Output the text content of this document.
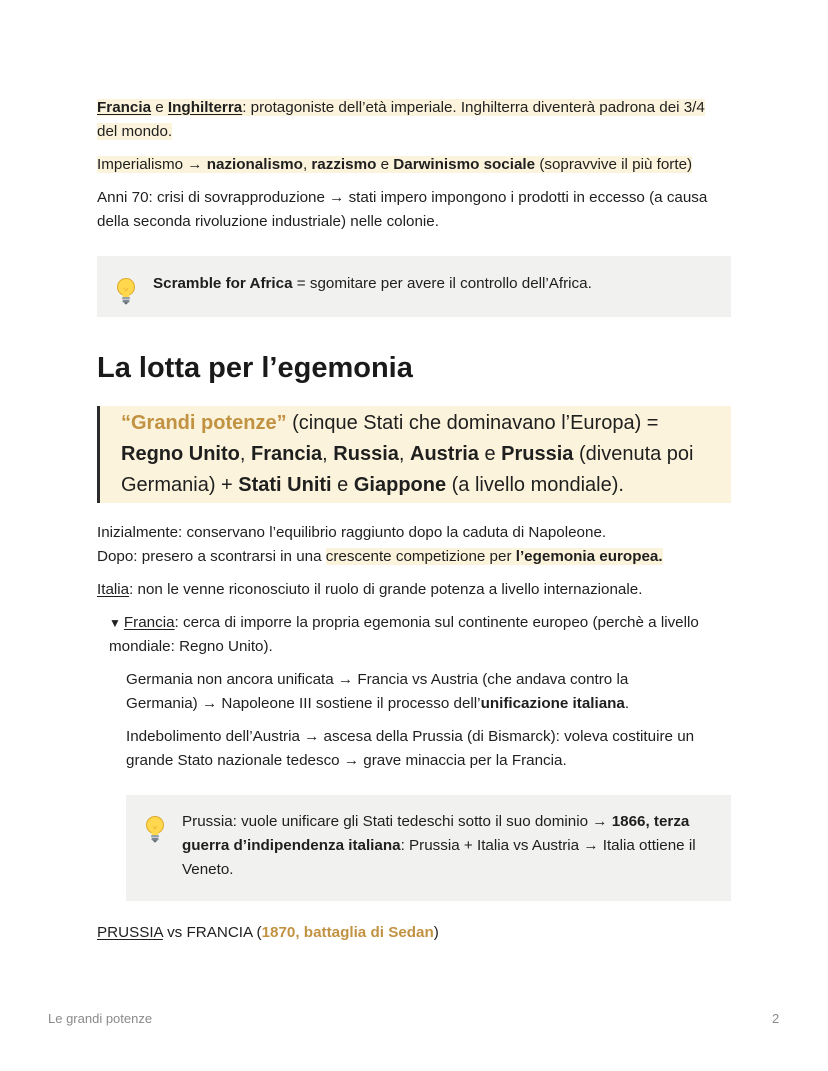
Francia e Inghilterra: protagoniste dell’età imperiale. Inghilterra diventerà padrona dei 3/4 del mondo.

Imperialismo → nazionalismo, razzismo e Darwinismo sociale (sopravvive il più forte)

Anni 70: crisi di sovrapproduzione → stati impero impongono i prodotti in eccesso (a causa della seconda rivoluzione industriale) nelle colonie.

Scramble for Africa = sgomitare per avere il controllo dell’Africa.

La lotta per l’egemonia

“Grandi potenze” (cinque Stati che dominavano l’Europa) = Regno Unito, Francia, Russia, Austria e Prussia (divenuta poi Germania) + Stati Uniti e Giappone (a livello mondiale).

Inizialmente: conservano l’equilibrio raggiunto dopo la caduta di Napoleone.
Dopo: presero a scontrarsi in una crescente competizione per l’egemonia europea.

Italia: non le venne riconosciuto il ruolo di grande potenza a livello internazionale.

▼ Francia: cerca di imporre la propria egemonia sul continente europeo (perchè a livello mondiale: Regno Unito).

Germania non ancora unificata → Francia vs Austria (che andava contro la Germania) → Napoleone III sostiene il processo dell’unificazione italiana.

Indebolimento dell’Austria → ascesa della Prussia (di Bismarck): voleva costituire un grande Stato nazionale tedesco → grave minaccia per la Francia.

Prussia: vuole unificare gli Stati tedeschi sotto il suo dominio → 1866, terza guerra d’indipendenza italiana: Prussia + Italia vs Austria → Italia ottiene il Veneto.

PRUSSIA vs FRANCIA (1870, battaglia di Sedan)

Le grandi potenze	2
